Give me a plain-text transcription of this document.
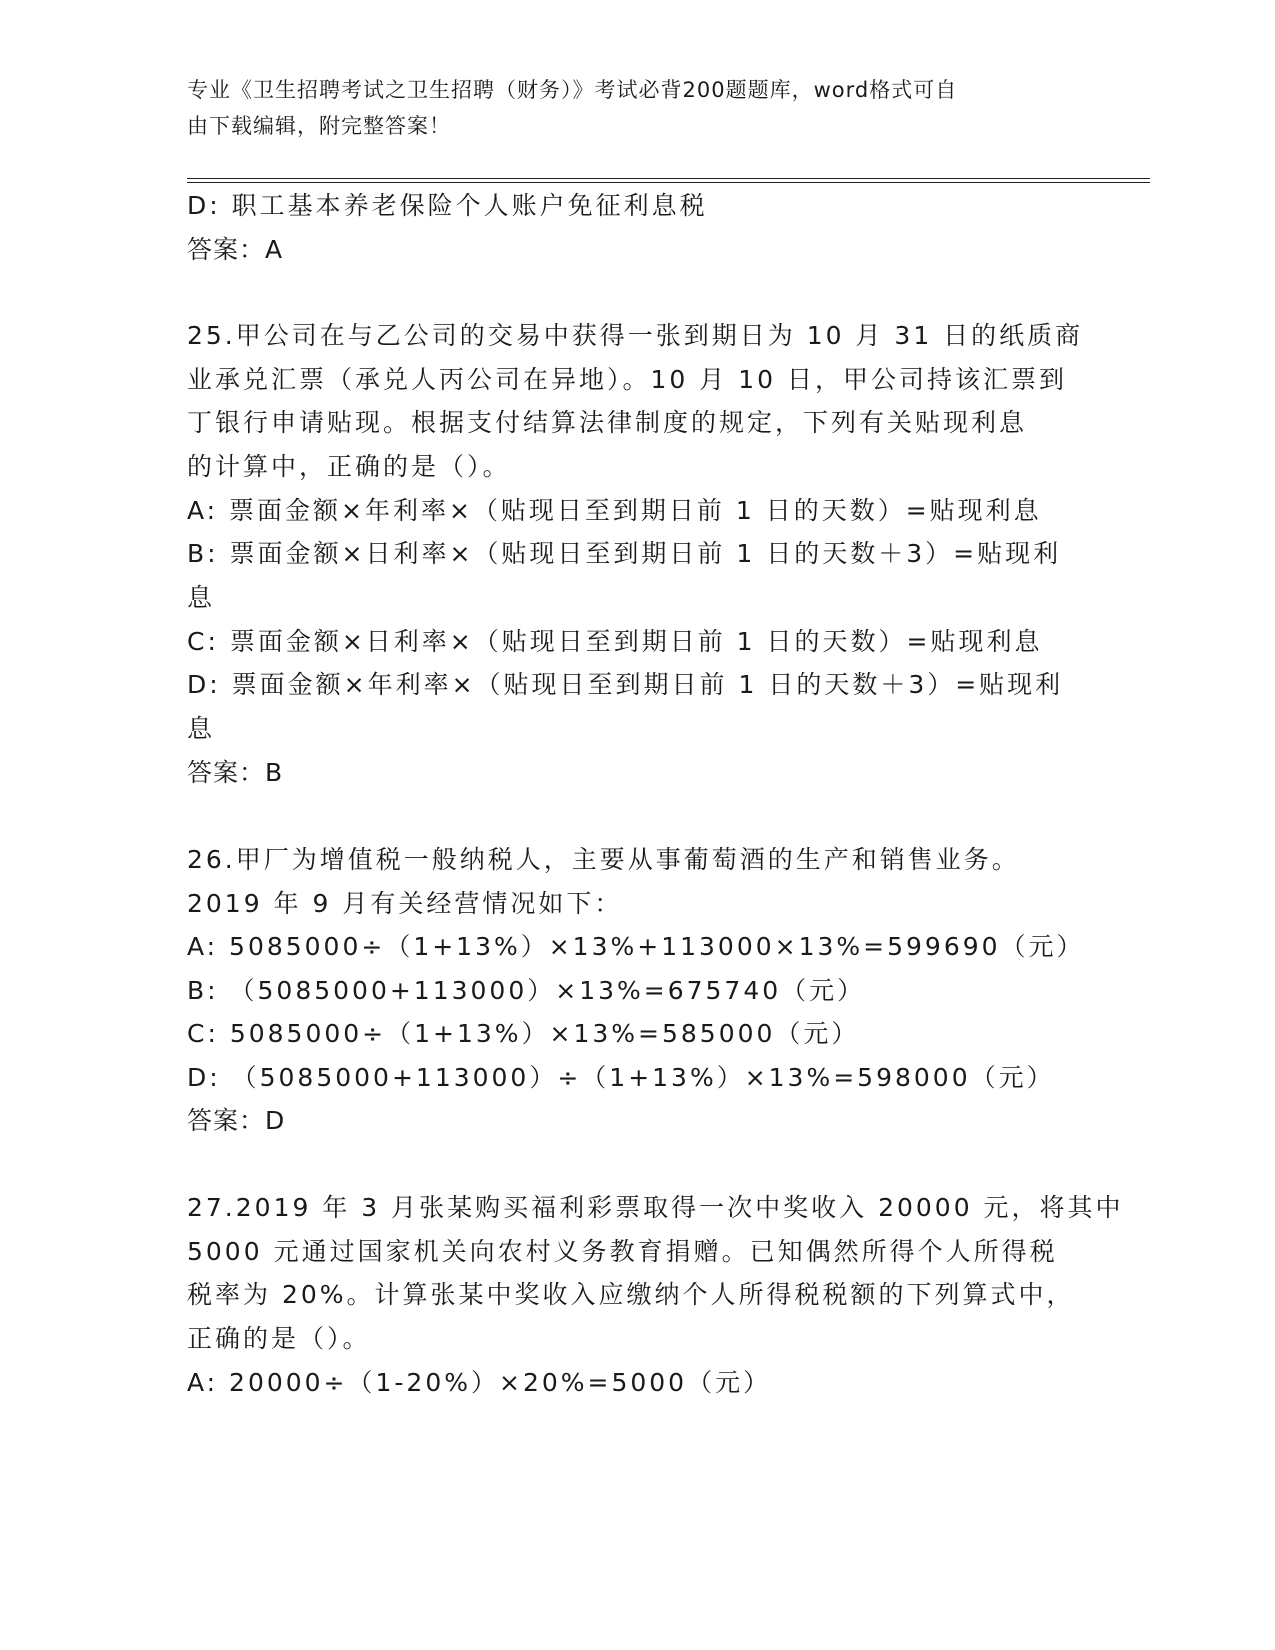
专业《卫生招聘考试之卫生招聘（财务）》考试必背200题题库，word格式可自
由下载编辑，附完整答案！
D: 职工基本养老保险个人账户免征利息税
答案：A
25.甲公司在与乙公司的交易中获得一张到期日为 10 月 31 日的纸质商
业承兑汇票（承兑人丙公司在异地）。10 月 10 日，甲公司持该汇票到
丁银行申请贴现。根据支付结算法律制度的规定，下列有关贴现利息
的计算中，正确的是（）。
A: 票面金额×年利率×（贴现日至到期日前 1 日的天数）=贴现利息
B: 票面金额×日利率×（贴现日至到期日前 1 日的天数＋3）=贴现利
息
C: 票面金额×日利率×（贴现日至到期日前 1 日的天数）=贴现利息
D: 票面金额×年利率×（贴现日至到期日前 1 日的天数＋3）=贴现利
息
答案：B
26.甲厂为增值税一般纳税人，主要从事葡萄酒的生产和销售业务。
2019 年 9 月有关经营情况如下：
A: 5085000÷（1+13%）×13%+113000×13%=599690（元）
B: （5085000+113000）×13%=675740（元）
C: 5085000÷（1+13%）×13%=585000（元）
D: （5085000+113000）÷（1+13%）×13%=598000（元）
答案：D
27.2019 年 3 月张某购买福利彩票取得一次中奖收入 20000 元，将其中
5000 元通过国家机关向农村义务教育捐赠。已知偶然所得个人所得税
税率为 20%。计算张某中奖收入应缴纳个人所得税税额的下列算式中，
正确的是（）。
A: 20000÷（1-20%）×20%=5000（元）
